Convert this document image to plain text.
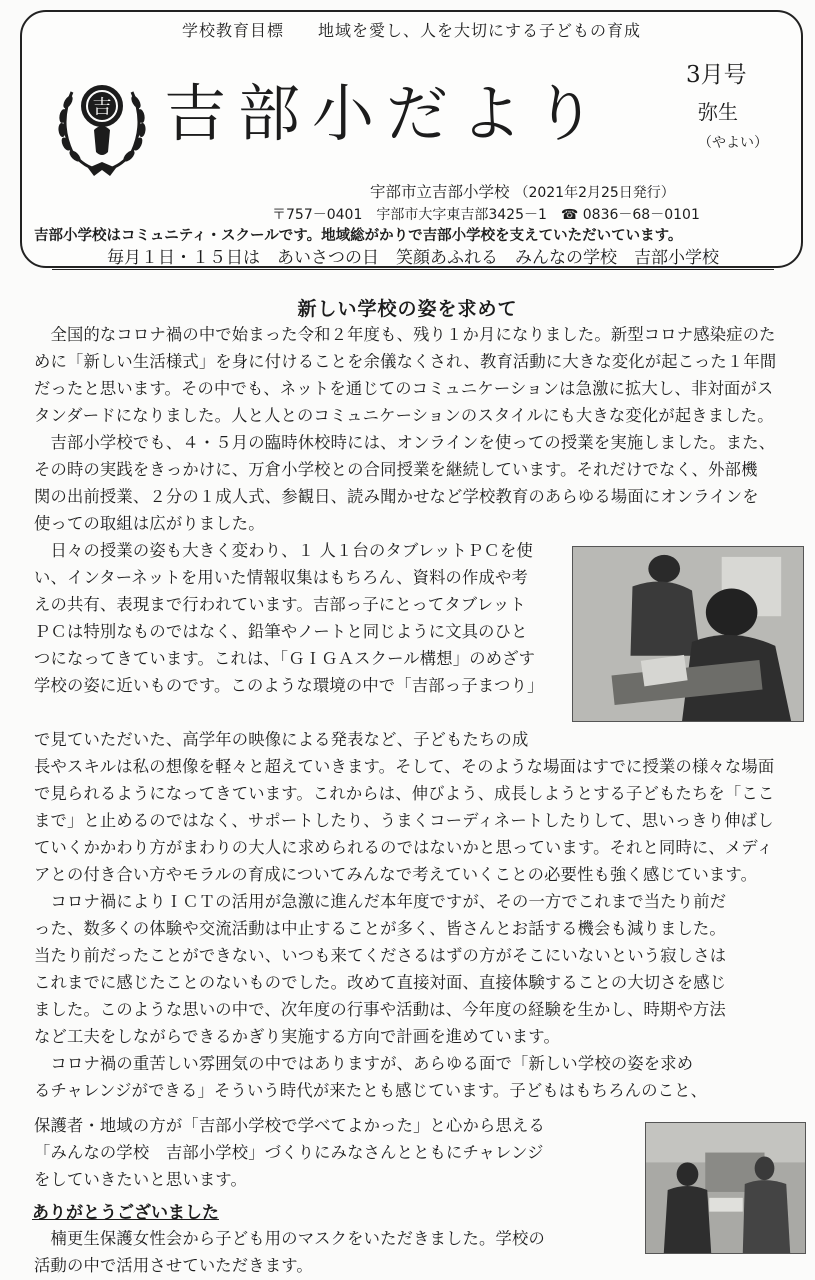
学校教育目標　　地域を愛し、人を大切にする子どもの育成
吉 吉部小だより
3月号
弥生
（やよい）
宇部市立吉部小学校 （2021年2月25日発行）
〒757－0401　宇部市大字東吉部3425－1　☎ 0836－68－0101
吉部小学校はコミュニティ・スクールです。地域総がかりで吉部小学校を支えていただいています。
毎月１日・１５日は　あいさつの日　笑顔あふれる　みんなの学校　吉部小学校
新しい学校の姿を求めて
　全国的なコロナ禍の中で始まった令和２年度も、残り１か月になりました。新型コロナ感染症のた
めに「新しい生活様式」を身に付けることを余儀なくされ、教育活動に大きな変化が起こった１年間
だったと思います。その中でも、ネットを通じてのコミュニケーションは急激に拡大し、非対面がス
タンダードになりました。人と人とのコミュニケーションのスタイルにも大きな変化が起きました。
　吉部小学校でも、４・５月の臨時休校時には、オンラインを使っての授業を実施しました。また、
その時の実践をきっかけに、万倉小学校との合同授業を継続しています。それだけでなく、外部機
関の出前授業、２分の１成人式、参観日、読み聞かせなど学校教育のあらゆる場面にオンラインを
使っての取組は広がりました。
　日々の授業の姿も大きく変わり、１ 人１台のタブレットＰＣを使
い、インターネットを用いた情報収集はもちろん、資料の作成や考
えの共有、表現まで行われています。吉部っ子にとってタブレット
ＰＣは特別なものではなく、鉛筆やノートと同じように文具のひと
つになってきています。これは、「ＧＩＧＡスクール構想」のめざす
学校の姿に近いものです。このような環境の中で「吉部っ子まつり」
で見ていただいた、高学年の映像による発表など、子どもたちの成
長やスキルは私の想像を軽々と超えていきます。そして、そのような場面はすでに授業の様々な場面
で見られるようになってきています。これからは、伸びよう、成長しようとする子どもたちを「ここ
まで」と止めるのではなく、サポートしたり、うまくコーディネートしたりして、思いっきり伸ばし
ていくかかわり方がまわりの大人に求められるのではないかと思っています。それと同時に、メディ
アとの付き合い方やモラルの育成についてみんなで考えていくことの必要性も強く感じています。
　コロナ禍によりＩＣＴの活用が急激に進んだ本年度ですが、その一方でこれまで当たり前だ
った、数多くの体験や交流活動は中止することが多く、皆さんとお話する機会も減りました。
当たり前だったことができない、いつも来てくださるはずの方がそこにいないという寂しさは
これまでに感じたことのないものでした。改めて直接対面、直接体験することの大切さを感じ
ました。このような思いの中で、次年度の行事や活動は、今年度の経験を生かし、時期や方法
など工夫をしながらできるかぎり実施する方向で計画を進めています。
　コロナ禍の重苦しい雰囲気の中ではありますが、あらゆる面で「新しい学校の姿を求め
るチャレンジができる」そういう時代が来たとも感じています。子どもはもちろんのこと、
保護者・地域の方が「吉部小学校で学べてよかった」と心から思える
「みんなの学校　吉部小学校」づくりにみなさんとともにチャレンジ
をしていきたいと思います。
ありがとうございました
　楠更生保護女性会から子ども用のマスクをいただきました。学校の
活動の中で活用させていただきます。
